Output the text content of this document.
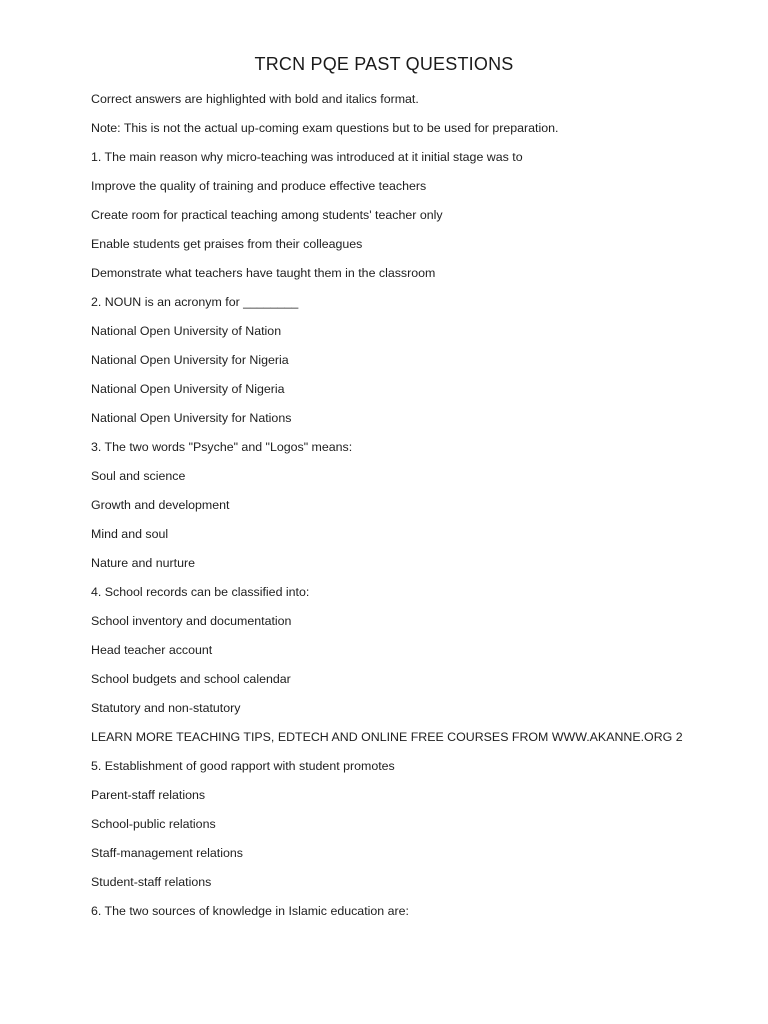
TRCN PQE PAST QUESTIONS
Correct answers are highlighted with bold and italics format.
Note: This is not the actual up-coming exam questions but to be used for preparation.
1. The main reason why micro-teaching was introduced at it initial stage was to
Improve the quality of training and produce effective teachers
Create room for practical teaching among students' teacher only
Enable students get praises from their colleagues
Demonstrate what teachers have taught them in the classroom
2. NOUN is an acronym for ________
National Open University of Nation
National Open University for Nigeria
National Open University of Nigeria
National Open University for Nations
3. The two words "Psyche" and "Logos" means:
Soul and science
Growth and development
Mind and soul
Nature and nurture
4. School records can be classified into:
School inventory and documentation
Head teacher account
School budgets and school calendar
Statutory and non-statutory
LEARN MORE TEACHING TIPS, EDTECH AND ONLINE FREE COURSES FROM WWW.AKANNE.ORG 2
5. Establishment of good rapport with student promotes
Parent-staff relations
School-public relations
Staff-management relations
Student-staff relations
6. The two sources of knowledge in Islamic education are:
